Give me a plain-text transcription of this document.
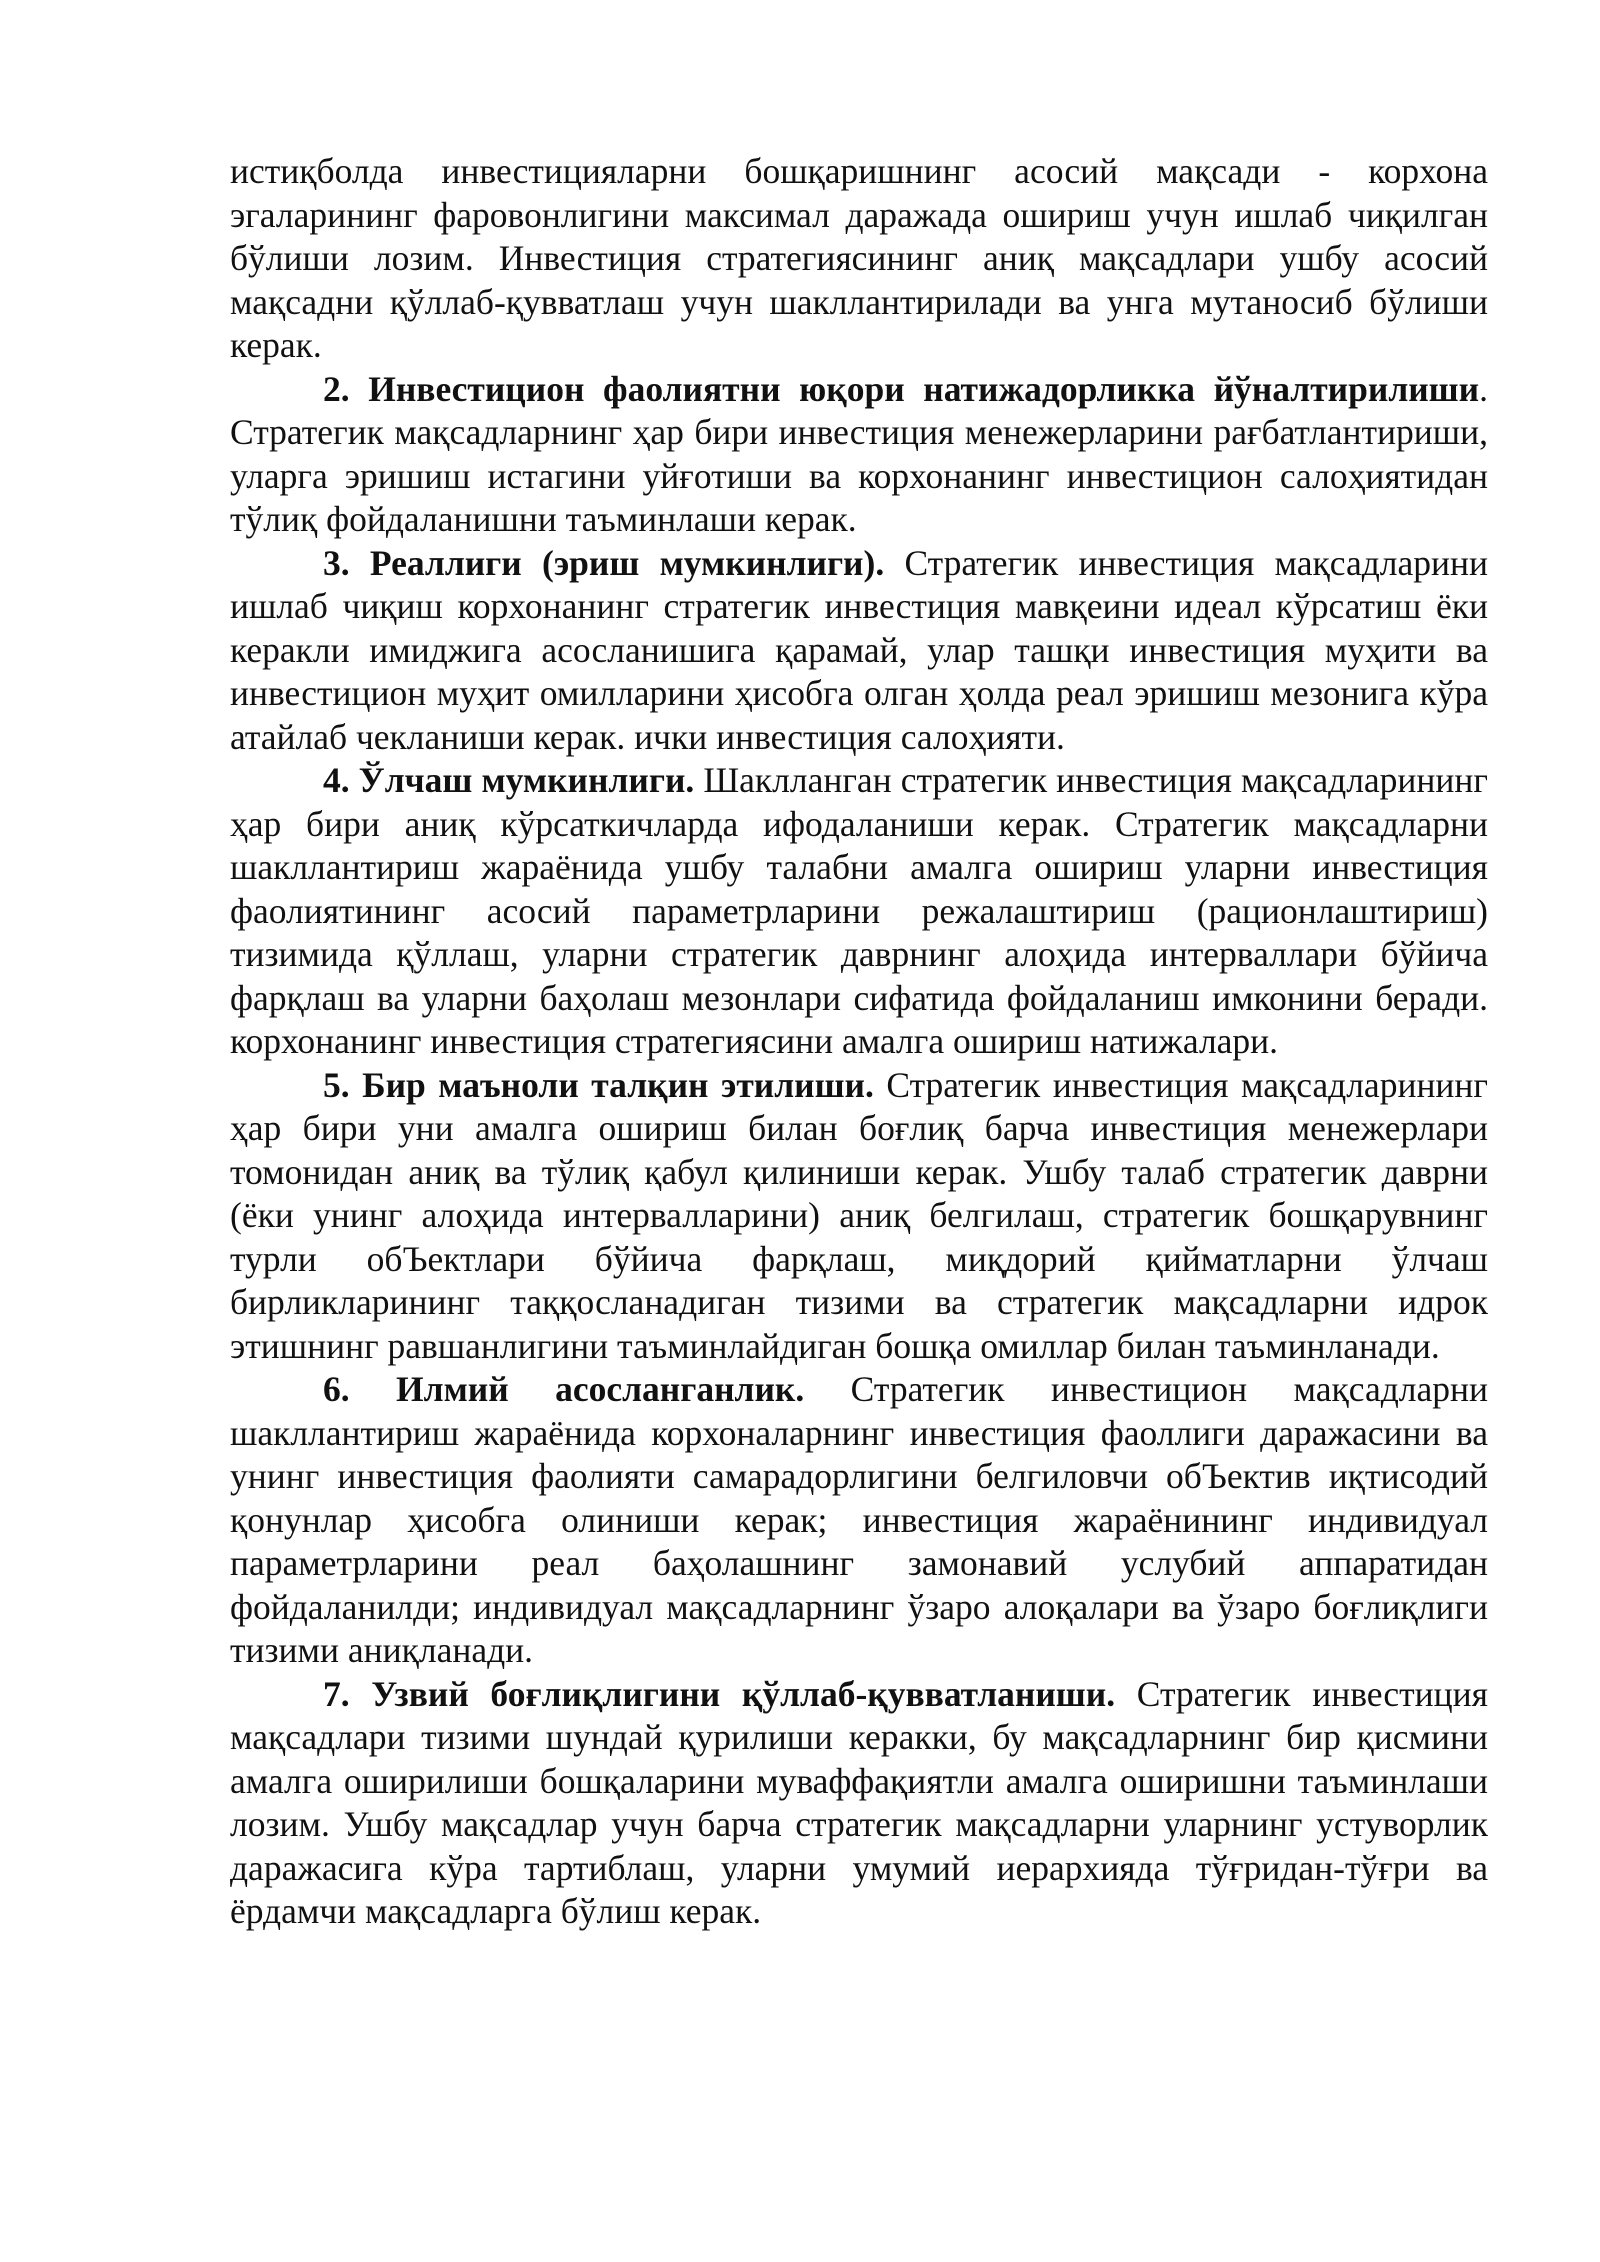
истиқболда инвестицияларни бошқаришнинг асосий мақсади - корхона эгаларининг фаровонлигини максимал даражада ошириш учун ишлаб чиқилган бўлиши лозим. Инвестиция стратегиясининг аниқ мақсадлари ушбу асосий мақсадни қўллаб-қувватлаш учун шакллантирилади ва унга мутаносиб бўлиши керак.

2. Инвестицион фаолиятни юқори натижадорликка йўналтирилиши. Стратегик мақсадларнинг ҳар бири инвестиция менежерларини рағбатлантириши, уларга эришиш истагини уйғотиши ва корхонанинг инвестицион салоҳиятидан тўлиқ фойдаланишни таъминлаши керак.

3. Реаллиги (эриш мумкинлиги). Стратегик инвестиция мақсадларини ишлаб чиқиш корхонанинг стратегик инвестиция мавқеини идеал кўрсатиш ёки керакли имиджига асосланишига қарамай, улар ташқи инвестиция муҳити ва инвестицион муҳит омилларини ҳисобга олган ҳолда реал эришиш мезонига кўра атайлаб чекланиши керак. ички инвестиция салоҳияти.

4. Ўлчаш мумкинлиги. Шаклланган стратегик инвестиция мақсадларининг ҳар бири аниқ кўрсаткичларда ифодаланиши керак. Стратегик мақсадларни шакллантириш жараёнида ушбу талабни амалга ошириш уларни инвестиция фаолиятининг асосий параметрларини режалаштириш (рационлаштириш) тизимида қўллаш, уларни стратегик даврнинг алоҳида интерваллари бўйича фарқлаш ва уларни баҳолаш мезонлари сифатида фойдаланиш имконини беради. корхонанинг инвестиция стратегиясини амалга ошириш натижалари.

5. Бир маъноли талқин этилиши. Стратегик инвестиция мақсадларининг ҳар бири уни амалга ошириш билан боғлиқ барча инвестиция менежерлари томонидан аниқ ва тўлиқ қабул қилиниши керак. Ушбу талаб стратегик даврни (ёки унинг алоҳида интервалларини) аниқ белгилаш, стратегик бошқарувнинг турли обЪектлари бўйича фарқлаш, миқдорий қийматларни ўлчаш бирликларининг таққосланадиган тизими ва стратегик мақсадларни идрок этишнинг равшанлигини таъминлайдиган бошқа омиллар билан таъминланади.

6. Илмий асосланганлик. Стратегик инвестицион мақсадларни шакллантириш жараёнида корхоналарнинг инвестиция фаоллиги даражасини ва унинг инвестиция фаолияти самарадорлигини белгиловчи обЪектив иқтисодий қонунлар ҳисобга олиниши керак; инвестиция жараёнининг индивидуал параметрларини реал баҳолашнинг замонавий услубий аппаратидан фойдаланилди; индивидуал мақсадларнинг ўзаро алоқалари ва ўзаро боғлиқлиги тизими аниқланади.

7. Узвий боғлиқлигини қўллаб-қувватланиши. Стратегик инвестиция мақсадлари тизими шундай қурилиши керакки, бу мақсадларнинг бир қисмини амалга оширилиши бошқаларини муваффақиятли амалга оширишни таъминлаши лозим. Ушбу мақсадлар учун барча стратегик мақсадларни уларнинг устуворлик даражасига кўра тартиблаш, уларни умумий иерархияда тўғридан-тўғри ва ёрдамчи мақсадларга бўлиш керак.
